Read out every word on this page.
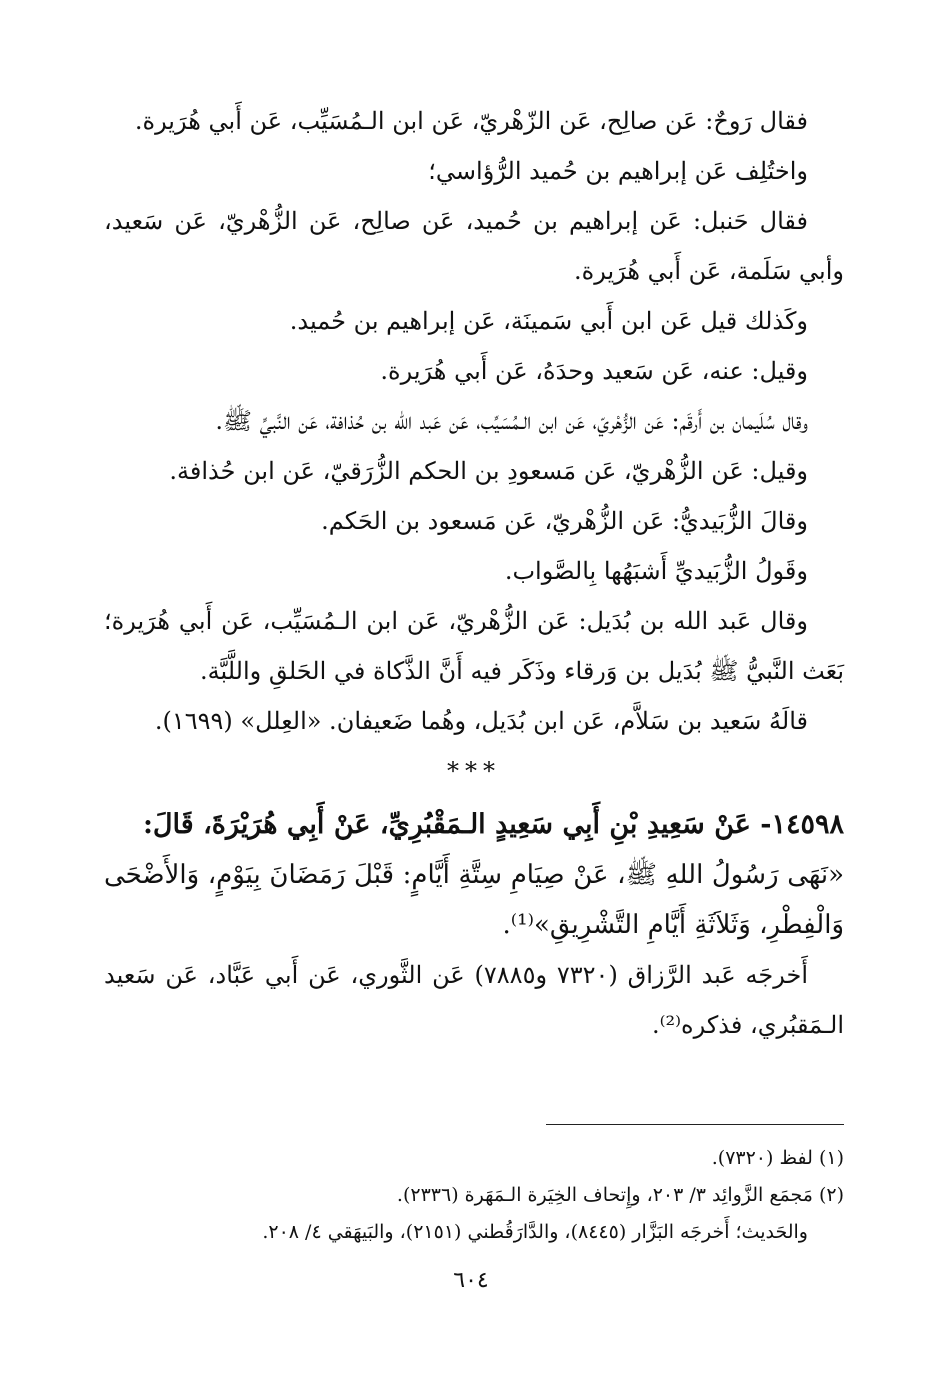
فقال رَوحٌ: عَن صالِح، عَن الزّهْريّ، عَن ابن الـمُسَيِّب، عَن أَبي هُرَيرة.

واختُلِف عَن إبراهيم بن حُميد الرُّؤاسي؛

فقال حَنبل: عَن إبراهيم بن حُميد، عَن صالِح، عَن الزُّهْريّ، عَن سَعيد، وأبي سَلَمة، عَن أَبي هُرَيرة.

وكَذلك قيل عَن ابن أَبي سَمينَة، عَن إبراهيم بن حُميد.

وقيل: عنه، عَن سَعيد وحدَهُ، عَن أَبي هُرَيرة.

وقال سُلَيمان بن أَرقَم: عَن الزُّهْريّ، عَن ابن الـمُسَيِّب، عَن عَبد الله بن حُذافة، عَن النَّبيِّ ﷺ.

وقيل: عَن الزُّهْريّ، عَن مَسعودِ بن الحكم الزُّرَقيّ، عَن ابن حُذافة.

وقالَ الزُّبَيديُّ: عَن الزُّهْريّ، عَن مَسعود بن الحَكم.

وقَولُ الزُّبَيديِّ أَشبَهُها بِالصَّواب.

وقال عَبد الله بن بُدَيل: عَن الزُّهْريّ، عَن ابن الـمُسَيِّب، عَن أَبي هُرَيرة؛ بَعَث النَّبيُّ ﷺ بُدَيل بن وَرقاء وذَكَر فيه أَنَّ الذَّكاة في الحَلقِ واللَّبَّة.

قالَهُ سَعيد بن سَلاَّم، عَن ابن بُدَيل، وهُما ضَعيفان. «العِلل» (١٦٩٩).

***

١٤٥٩٨- عَنْ سَعِيدِ بْنِ أَبِي سَعِيدٍ الـمَقْبُرِيِّ، عَنْ أَبِي هُرَيْرَةَ، قَالَ:

«نَهَى رَسُولُ اللهِ ﷺ، عَنْ صِيَامِ سِتَّةِ أَيَّامٍ: قَبْلَ رَمَضَانَ بِيَوْمٍ، وَالأَضْحَى وَالْفِطْرِ، وَثَلاَثَةِ أَيَّامِ التَّشْرِيقِ»⁽¹⁾.

أَخرجَه عَبد الرَّزاق (٧٣٢٠ و٧٨٨٥) عَن الثَّوري، عَن أَبي عَبَّاد، عَن سَعيد الـمَقبُري، فذكره⁽²⁾.

(١) لفظ (٧٣٢٠).

(٢) مَجمَع الزَّوائِد ٣/ ٢٠٣، وإِتحاف الخِيَرة الـمَهَرة (٢٣٣٦).

والحَديث؛ أَخرجَه البَزَّار (٨٤٤٥)، والدَّارَقُطني (٢١٥١)، والبَيهَقي ٤/ ٢٠٨.

٦٠٤
